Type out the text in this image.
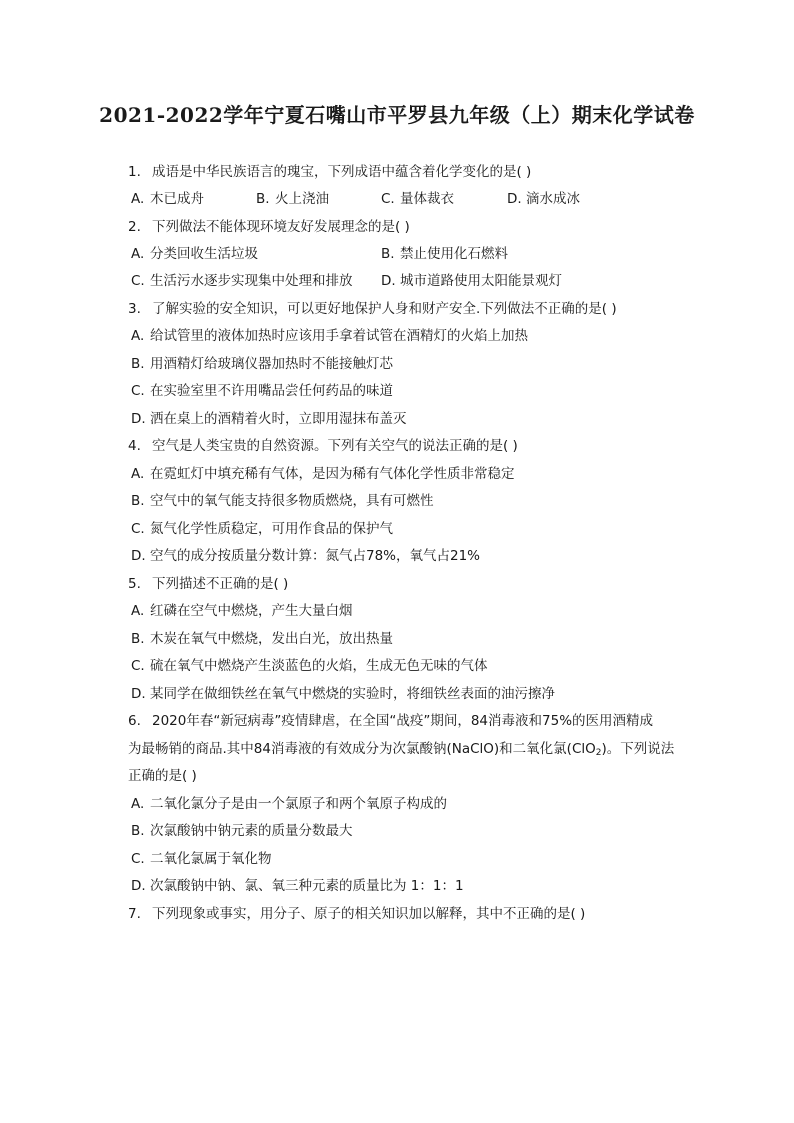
2021-2022学年宁夏石嘴山市平罗县九年级（上）期末化学试卷
1. 成语是中华民族语言的瑰宝，下列成语中蕴含着化学变化的是( )
A. 木已成舟	B. 火上浇油	C. 量体裁衣	D. 滴水成冰
2. 下列做法不能体现环境友好发展理念的是( )
A. 分类回收生活垃圾	B. 禁止使用化石燃料
C. 生活污水逐步实现集中处理和排放 D. 城市道路使用太阳能景观灯
3. 了解实验的安全知识，可以更好地保护人身和财产安全.下列做法不正确的是( )
A. 给试管里的液体加热时应该用手拿着试管在酒精灯的火焰上加热
B. 用酒精灯给玻璃仪器加热时不能接触灯芯
C. 在实验室里不许用嘴品尝任何药品的味道
D. 洒在桌上的酒精着火时，立即用湿抹布盖灭
4. 空气是人类宝贵的自然资源。下列有关空气的说法正确的是( )
A. 在霓虹灯中填充稀有气体，是因为稀有气体化学性质非常稳定
B. 空气中的氧气能支持很多物质燃烧，具有可燃性
C. 氮气化学性质稳定，可用作食品的保护气
D. 空气的成分按质量分数计算：氮气占78%，氧气占21%
5. 下列描述不正确的是( )
A. 红磷在空气中燃烧，产生大量白烟
B. 木炭在氧气中燃烧，发出白光，放出热量
C. 硫在氧气中燃烧产生淡蓝色的火焰，生成无色无味的气体
D. 某同学在做细铁丝在氧气中燃烧的实验时，将细铁丝表面的油污擦净
6. 2020年春“新冠病毒”疫情肆虐，在全国“战疫”期间，84消毒液和75%的医用酒精成
为最畅销的商品.其中84消毒液的有效成分为次氯酸钠(NaClO)和二氧化氯(ClO$_2$)。下列说法
正确的是( )
A. 二氧化氯分子是由一个氯原子和两个氧原子构成的
B. 次氯酸钠中钠元素的质量分数最大
C. 二氧化氯属于氧化物
D. 次氯酸钠中钠、氯、氧三种元素的质量比为 1：1：1
7. 下列现象或事实，用分子、原子的相关知识加以解释，其中不正确的是( )
